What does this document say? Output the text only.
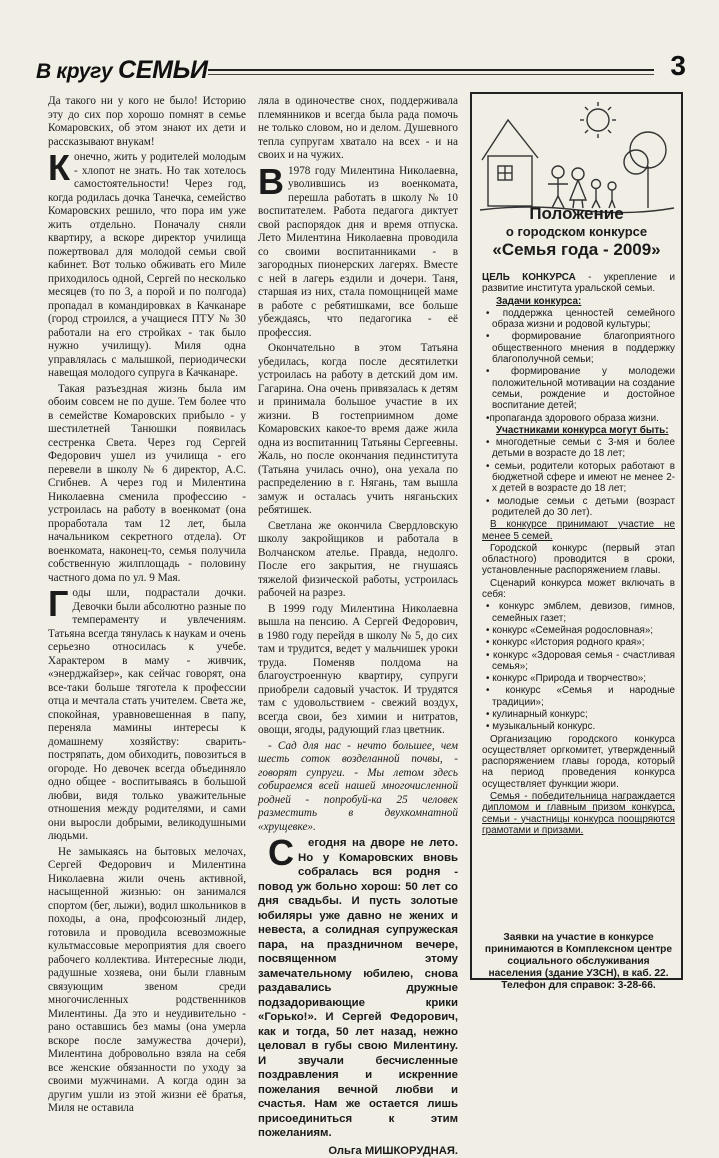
В кругу СЕМЬИ	3

Да такого ни у кого не было! Историю эту до сих пор хорошо помнят в семье Комаровских, об этом знают их дети и рассказывают внукам!

Конечно, жить у родителей молодым - хлопот не знать. Но так хотелось самостоятельности! Через год, когда родилась дочка Танечка, семейство Комаровских решило, что пора им уже жить отдельно. Поначалу сняли квартиру, а вскоре директор училища пожертвовал для молодой семьи свой кабинет. Вот только обживать его Миле приходилось одной, Сергей по несколько месяцев (то по 3, а порой и по полгода) пропадал в командировках в Качканаре (город строился, а учащиеся ПТУ № 30 работали на его стройках - так было нужно училищу). Миля одна управлялась с малышкой, периодически навещая молодого супруга в Качканаре.

Такая разъездная жизнь была им обоим совсем не по душе. Тем более что в семействе Комаровских прибыло - у шестилетней Танюшки появилась сестренка Света. Через год Сергей Федорович ушел из училища - его перевели в школу № 6 директор, А.С. Сгибнев. А через год и Милентина Николаевна сменила профессию - устроилась на работу в военкомат (она проработала там 12 лет, была начальником секретного отдела). От военкомата, наконец-то, семья получила собственную жилплощадь - половину частного дома по ул. 9 Мая.

Годы шли, подрастали дочки. Девочки были абсолютно разные по темпераменту и увлечениям. Татьяна всегда тянулась к наукам и очень серьезно относилась к учебе. Характером в маму - живчик, «энерджайзер», как сейчас говорят, она все-таки больше тяготела к профессии отца и мечтала стать учителем. Света же, спокойная, уравновешенная в папу, переняла мамины интересы к домашнему хозяйству: сварить-постряпать, дом обиходить, повозиться в огороде. Но девочек всегда объединяло одно общее - воспитываясь в большой любви, видя только уважительные отношения между родителями, и сами они выросли добрыми, великодушными людьми.

Не замыкаясь на бытовых мелочах, Сергей Федорович и Милентина Николаевна жили очень активной, насыщенной жизнью: он занимался спортом (бег, лыжи), водил школьников в походы, а она, профсоюзный лидер, готовила и проводила всевозможные культмассовые мероприятия для своего рабочего коллектива. Интересные люди, радушные хозяева, они были главным связующим звеном среди многочисленных родственников Милентины. Да это и неудивительно - рано оставшись без мамы (она умерла вскоре после замужества дочери), Милентина добровольно взяла на себя все женские обязанности по уходу за своими мужчинами. А когда один за другим ушли из этой жизни её братья, Миля не оставила

ляла в одиночестве снох, поддерживала племянников и всегда была рада помочь не только словом, но и делом. Душевного тепла супругам хватало на всех - и на своих и на чужих.

В 1978 году Милентина Николаевна, уволившись из военкомата, перешла работать в школу № 10 воспитателем. Работа педагога диктует свой распорядок дня и время отпуска. Лето Милентина Николаевна проводила со своими воспитанниками - в загородных пионерских лагерях. Вместе с ней в лагерь ездили и дочери. Таня, старшая из них, стала помощницей маме в работе с ребятишками, все больше убеждаясь, что педагогика - её профессия.

Окончательно в этом Татьяна убедилась, когда после десятилетки устроилась на работу в детский дом им. Гагарина. Она очень привязалась к детям и принимала большое участие в их жизни. В гостеприимном доме Комаровских какое-то время даже жила одна из воспитанниц Татьяны Сергеевны. Жаль, но после окончания пединститута (Татьяна училась очно), она уехала по распределению в г. Нягань, там вышла замуж и осталась учить няганьских ребятишек.

Светлана же окончила Свердловскую школу закройщиков и работала в Волчанском ателье. Правда, недолго. После его закрытия, не гнушаясь тяжелой физической работы, устроилась рабочей на разрез.

В 1999 году Милентина Николаевна вышла на пенсию. А Сергей Федорович, в 1980 году перейдя в школу № 5, до сих там и трудится, ведет у мальчишек уроки труда. Поменяв полдома на благоустроенную квартиру, супруги приобрели садовый участок. И трудятся там с удовольствием - свежий воздух, всегда свои, без химии и нитратов, овощи, ягоды, радующий глаз цветник.

- Сад для нас - нечто большее, чем шесть соток возделанной почвы, - говорят супруги. - Мы летом здесь собираемся всей нашей многочисленной родней - попробуй-ка 25 человек разместить в двухкомнатной «хрущевке».

С егодня на дворе не лето. Но у Комаровских вновь собралась вся родня - повод уж больно хорош: 50 лет со дня свадьбы. И пусть золотые юбиляры уже давно не жених и невеста, а солидная супружеская пара, на праздничном вечере, посвященном этому замечательному юбилею, снова раздавались дружные подзадоривающие крики «Горько!». И Сергей Федорович, как и тогда, 50 лет назад, нежно целовал в губы свою Милентину. И звучали бесчисленные поздравления и искренние пожелания вечной любви и счастья. Нам же остается лишь присоединиться к этим пожеланиям.

Ольга МИШКОРУДНАЯ.
Положение
о городском конкурсе
«Семья года - 2009»

ЦЕЛЬ КОНКУРСА - укрепление и развитие института уральской семьи.

Задачи конкурса:

• поддержка ценностей семейного образа жизни и родовой культуры;

• формирование благоприятного общественного мнения в поддержку благополучной семьи;

• формирование у молодежи положительной мотивации на создание семьи, рождение и достойное воспитание детей;

•пропаганда здорового образа жизни.

Участниками конкурса могут быть:

• многодетные семьи с 3-мя и более детьми в возрасте до 18 лет;

• семьи, родители которых работают в бюджетной сфере и имеют не менее 2-х детей в возрасте до 18 лет;

• молодые семьи с детьми (возраст родителей до 30 лет).

В конкурсе принимают участие не менее 5 семей.

Городской конкурс (первый этап областного) проводится в сроки, установленные распоряжением главы.

Сценарий конкурса может включать в себя:

• конкурс эмблем, девизов, гимнов, семейных газет;

• конкурс «Семейная родословная»;

• конкурс «История родного края»;

• конкурс «Здоровая семья - счастливая семья»;

• конкурс «Природа и творчество»;

• конкурс «Семья и народные традиции»;

• кулинарный конкурс;

• музыкальный конкурс.

Организацию городского конкурса осуществляет оргкомитет, утвержденный распоряжением главы города, который на период проведения конкурса осуществляет функции жюри.

Семья - победительница награждается дипломом и главным призом конкурса, семьи - участницы конкурса поощряются грамотами и призами.

Заявки на участие в конкурсе принимаются в Комплексном центре социального обслуживания населения (здание УЗСН), в каб. 22.
Телефон для справок: 3-28-66.
